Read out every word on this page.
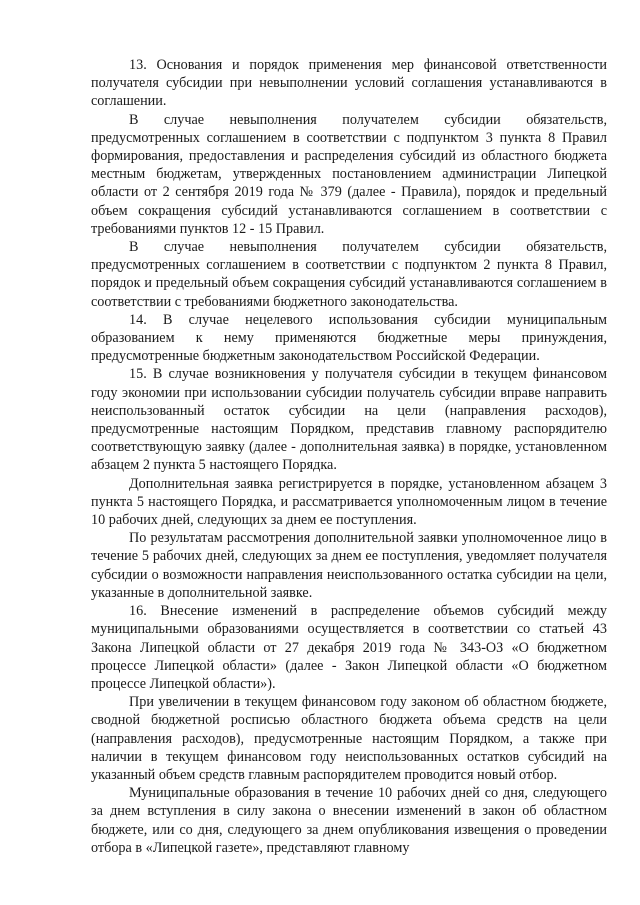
13. Основания и порядок применения мер финансовой ответственности получателя субсидии при невыполнении условий соглашения устанавливаются в соглашении.

В случае невыполнения получателем субсидии обязательств, предусмотренных соглашением в соответствии с подпунктом 3 пункта 8 Правил формирования, предоставления и распределения субсидий из областного бюджета местным бюджетам, утвержденных постановлением администрации Липецкой области от 2 сентября 2019 года № 379 (далее - Правила), порядок и предельный объем сокращения субсидий устанавливаются соглашением в соответствии с требованиями пунктов 12 - 15 Правил.

В случае невыполнения получателем субсидии обязательств, предусмотренных соглашением в соответствии с подпунктом 2 пункта 8 Правил, порядок и предельный объем сокращения субсидий устанавливаются соглашением в соответствии с требованиями бюджетного законодательства.

14. В случае нецелевого использования субсидии муниципальным образованием к нему применяются бюджетные меры принуждения, предусмотренные бюджетным законодательством Российской Федерации.

15. В случае возникновения у получателя субсидии в текущем финансовом году экономии при использовании субсидии получатель субсидии вправе направить неиспользованный остаток субсидии на цели (направления расходов), предусмотренные настоящим Порядком, представив главному распорядителю соответствующую заявку (далее - дополнительная заявка) в порядке, установленном абзацем 2 пункта 5 настоящего Порядка.

Дополнительная заявка регистрируется в порядке, установленном абзацем 3 пункта 5 настоящего Порядка, и рассматривается уполномоченным лицом в течение 10 рабочих дней, следующих за днем ее поступления.

По результатам рассмотрения дополнительной заявки уполномоченное лицо в течение 5 рабочих дней, следующих за днем ее поступления, уведомляет получателя субсидии о возможности направления неиспользованного остатка субсидии на цели, указанные в дополнительной заявке.

16. Внесение изменений в распределение объемов субсидий между муниципальными образованиями осуществляется в соответствии со статьей 43 Закона Липецкой области от 27 декабря 2019 года № 343-ОЗ «О бюджетном процессе Липецкой области» (далее - Закон Липецкой области «О бюджетном процессе Липецкой области»).

При увеличении в текущем финансовом году законом об областном бюджете, сводной бюджетной росписью областного бюджета объема средств на цели (направления расходов), предусмотренные настоящим Порядком, а также при наличии в текущем финансовом году неиспользованных остатков субсидий на указанный объем средств главным распорядителем проводится новый отбор.

Муниципальные образования в течение 10 рабочих дней со дня, следующего за днем вступления в силу закона о внесении изменений в закон об областном бюджете, или со дня, следующего за днем опубликования извещения о проведении отбора в «Липецкой газете», представляют главному
